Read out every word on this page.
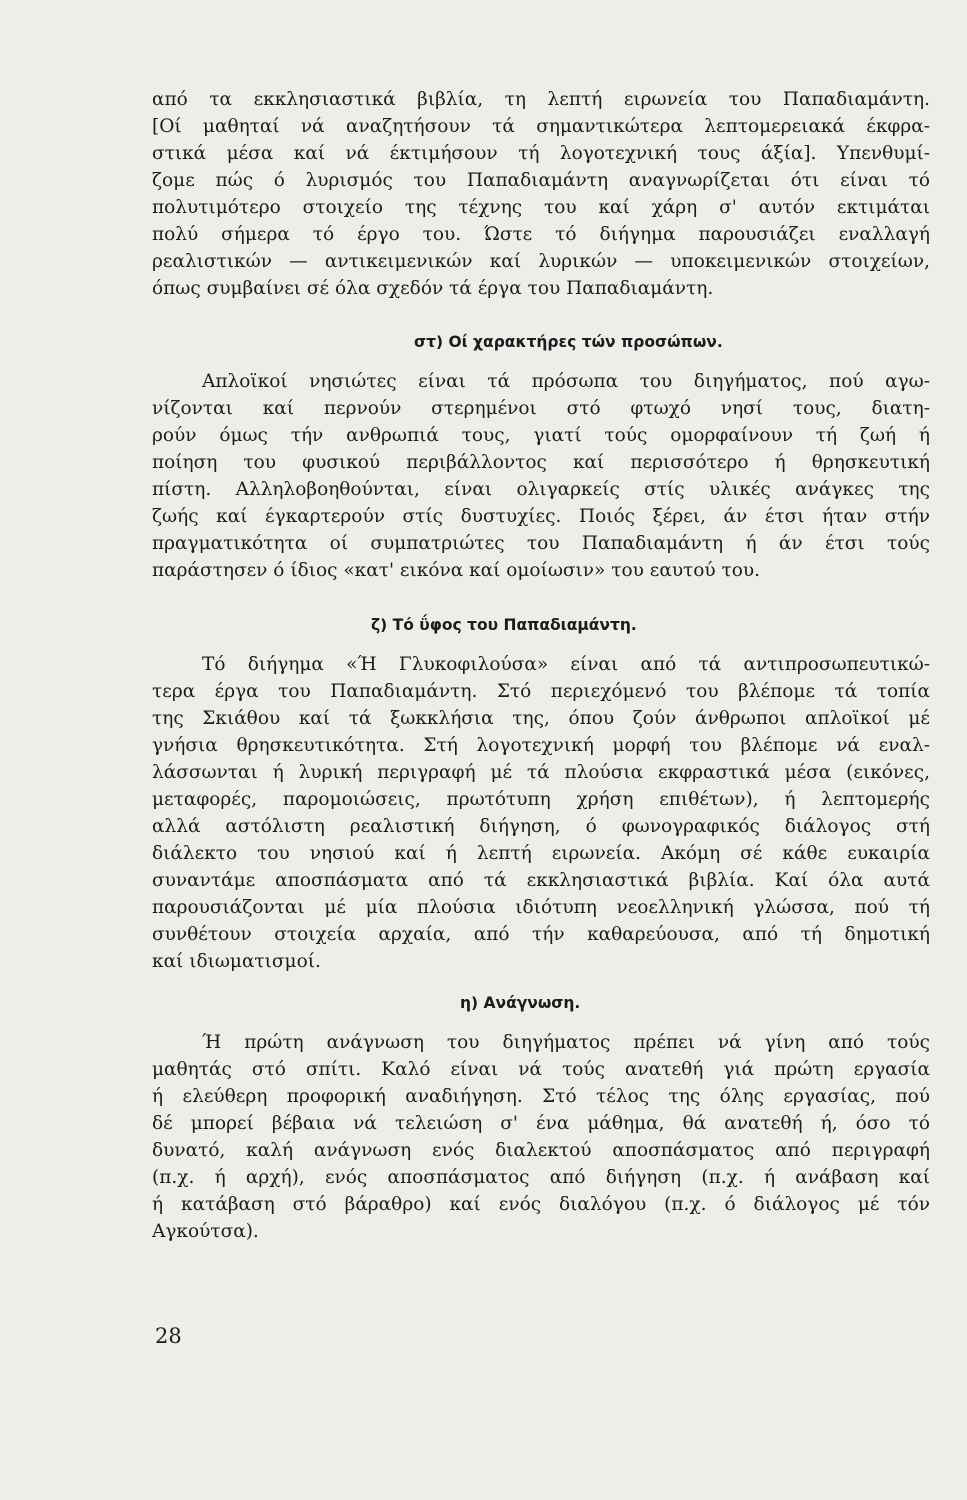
από τα εκκλησιαστικά βιβλία, τη λεπτή ειρωνεία του Παπαδιαμάντη.
[Οί μαθηταί νά αναζητήσουν τά σημαντικώτερα λεπτομερειακά έκφρα-
στικά μέσα καί νά έκτιμήσουν τή λογοτεχνική τους άξία]. Υπενθυμί-
ζομε πώς ό λυρισμός του Παπαδιαμάντη αναγνωρίζεται ότι είναι τό
πολυτιμότερο στοιχείο της τέχνης του καί χάρη σ' αυτόν εκτιμάται
πολύ σήμερα τό έργο του. Ώστε τό διήγημα παρουσιάζει εναλλαγή
ρεαλιστικών — αντικειμενικών καί λυρικών — υποκειμενικών στοιχείων,
όπως συμβαίνει σέ όλα σχεδόν τά έργα του Παπαδιαμάντη.
στ) Οί χαρακτήρες τών προσώπων.
Απλοϊκοί νησιώτες είναι τά πρόσωπα του διηγήματος, πού αγω-
νίζονται καί περνούν στερημένοι στό φτωχό νησί τους, διατη-
ρούν όμως τήν ανθρωπιά τους, γιατί τούς ομορφαίνουν τή ζωή ή
ποίηση του φυσικού περιβάλλοντος καί περισσότερο ή θρησκευτική
πίστη. Αλληλοβοηθούνται, είναι ολιγαρκείς στίς υλικές ανάγκες της
ζωής καί έγκαρτερούν στίς δυστυχίες. Ποιός ξέρει, άν έτσι ήταν στήν
πραγματικότητα οί συμπατριώτες του Παπαδιαμάντη ή άν έτσι τούς
παράστησεν ό ίδιος «κατ' εικόνα καί ομοίωσιν» του εαυτού του.
ζ) Τό ΰφος του Παπαδιαμάντη.
Τό διήγημα «Ή Γλυκοφιλούσα» είναι από τά αντιπροσωπευτικώ-
τερα έργα του Παπαδιαμάντη. Στό περιεχόμενό του βλέπομε τά τοπία
της Σκιάθου καί τά ξωκκλήσια της, όπου ζούν άνθρωποι απλοϊκοί μέ
γνήσια θρησκευτικότητα. Στή λογοτεχνική μορφή του βλέπομε νά εναλ-
λάσσωνται ή λυρική περιγραφή μέ τά πλούσια εκφραστικά μέσα (εικόνες,
μεταφορές, παρομοιώσεις, πρωτότυπη χρήση επιθέτων), ή λεπτομερής
αλλά αστόλιστη ρεαλιστική διήγηση, ό φωνογραφικός διάλογος στή
διάλεκτο του νησιού καί ή λεπτή ειρωνεία. Ακόμη σέ κάθε ευκαιρία
συναντάμε αποσπάσματα από τά εκκλησιαστικά βιβλία. Καί όλα αυτά
παρουσιάζονται μέ μία πλούσια ιδιότυπη νεοελληνική γλώσσα, πού τή
συνθέτουν στοιχεία αρχαία, από τήν καθαρεύουσα, από τή δημοτική
καί ιδιωματισμοί.
η) Ανάγνωση.
Ή πρώτη ανάγνωση του διηγήματος πρέπει νά γίνη από τούς
μαθητάς στό σπίτι. Καλό είναι νά τούς ανατεθή γιά πρώτη εργασία
ή ελεύθερη προφορική αναδιήγηση. Στό τέλος της όλης εργασίας, πού
δέ μπορεί βέβαια νά τελειώση σ' ένα μάθημα, θά ανατεθή ή, όσο τό
δυνατό, καλή ανάγνωση ενός διαλεκτού αποσπάσματος από περιγραφή
(π.χ. ή αρχή), ενός αποσπάσματος από διήγηση (π.χ. ή ανάβαση καί
ή κατάβαση στό βάραθρο) καί ενός διαλόγου (π.χ. ό διάλογος μέ τόν
Αγκούτσα).
28
